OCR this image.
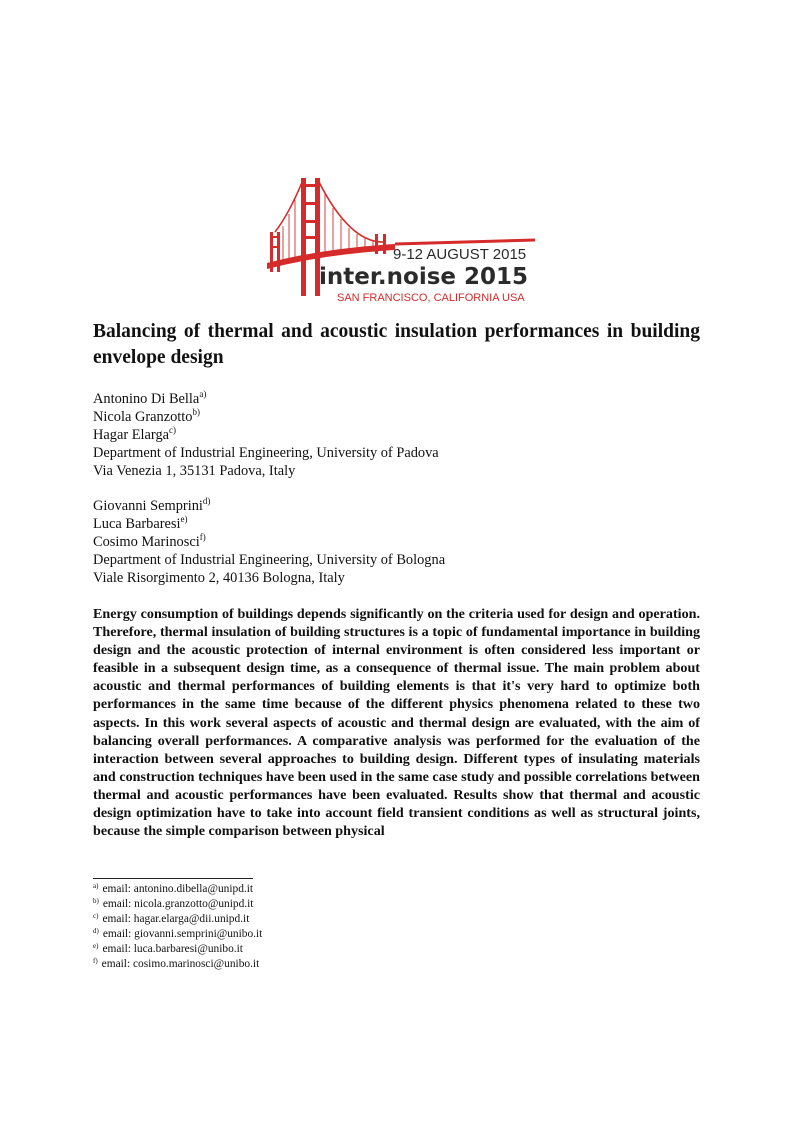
9-12 AUGUST 2015
inter.noise 2015
SAN FRANCISCO, CALIFORNIA USA
Balancing of thermal and acoustic insulation performances in building envelope design
Antonino Di Bella$^{a)}$
Nicola Granzotto$^{b)}$
Hagar Elarga$^{c)}$
Department of Industrial Engineering, University of Padova
Via Venezia 1, 35131 Padova, Italy
Giovanni Semprini$^{d)}$
Luca Barbaresi$^{e)}$
Cosimo Marinosci$^{f)}$
Department of Industrial Engineering, University of Bologna
Viale Risorgimento 2, 40136 Bologna, Italy
Energy consumption of buildings depends significantly on the criteria used for design and operation. Therefore, thermal insulation of building structures is a topic of fundamental importance in building design and the acoustic protection of internal environment is often considered less important or feasible in a subsequent design time, as a consequence of thermal issue. The main problem about acoustic and thermal performances of building elements is that it's very hard to optimize both performances in the same time because of the different physics phenomena related to these two aspects. In this work several aspects of acoustic and thermal design are evaluated, with the aim of balancing overall performances. A comparative analysis was performed for the evaluation of the interaction between several approaches to building design. Different types of insulating materials and construction techniques have been used in the same case study and possible correlations between thermal and acoustic performances have been evaluated. Results show that thermal and acoustic design optimization have to take into account field transient conditions as well as structural joints, because the simple comparison between physical
$^{a)}$ email: antonino.dibella@unipd.it
$^{b)}$ email: nicola.granzotto@unipd.it
$^{c)}$ email: hagar.elarga@dii.unipd.it
$^{d)}$ email: giovanni.semprini@unibo.it
$^{e)}$ email: luca.barbaresi@unibo.it
$^{f)}$ email: cosimo.marinosci@unibo.it
